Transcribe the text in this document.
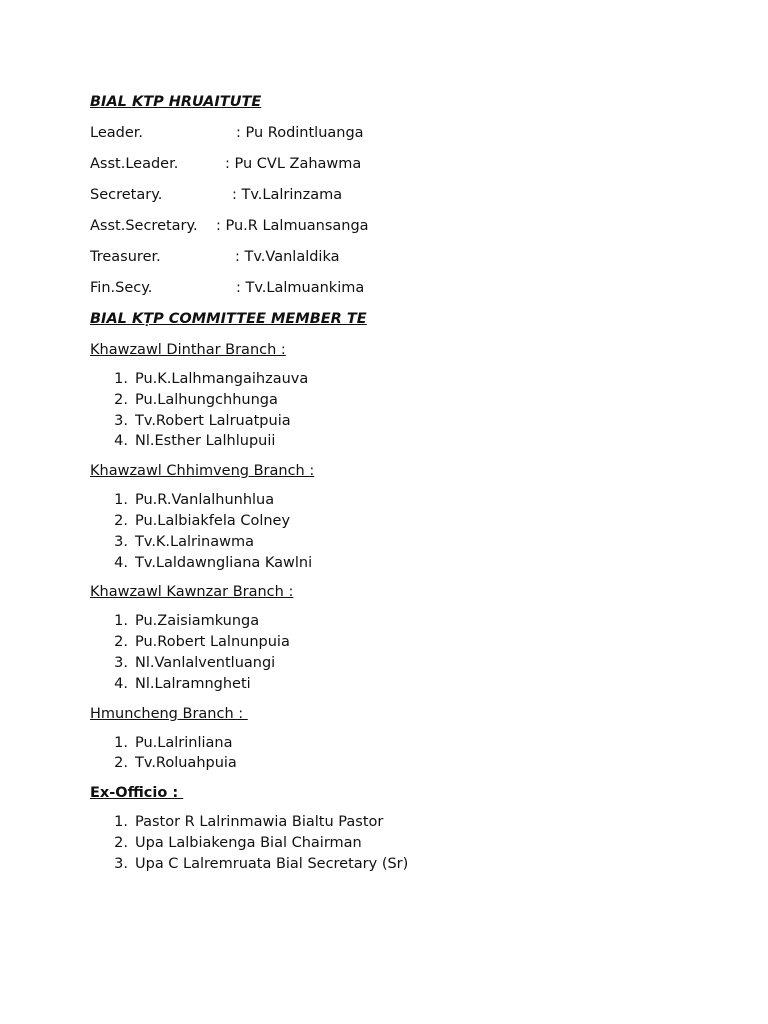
BIAL KTP HRUAITUTE
Leader.	: Pu Rodintluanga
Asst.Leader.	: Pu CVL Zahawma
Secretary.	: Tv.Lalrinzama
Asst.Secretary.	: Pu.R Lalmuansanga
Treasurer.	: Tv.Vanlaldika
Fin.Secy.	: Tv.Lalmuankima
BIAL KṬP COMMITTEE MEMBER TE
Khawzawl Dinthar Branch :
1. Pu.K.Lalhmangaihzauva
2. Pu.Lalhungchhunga
3. Tv.Robert Lalruatpuia
4. Nl.Esther Lalhlupuii
Khawzawl Chhimveng Branch :
1. Pu.R.Vanlalhunhlua
2. Pu.Lalbiakfela Colney
3. Tv.K.Lalrinawma
4. Tv.Laldawngliana Kawlni
Khawzawl Kawnzar Branch :
1. Pu.Zaisiamkunga
2. Pu.Robert Lalnunpuia
3. Nl.Vanlalventluangi
4. Nl.Lalramngheti
Hmuncheng Branch :
1. Pu.Lalrinliana
2. Tv.Roluahpuia
Ex-Officio :
1. Pastor R Lalrinmawia Bialtu Pastor
2. Upa Lalbiakenga Bial Chairman
3. Upa C Lalremruata Bial Secretary (Sr)
